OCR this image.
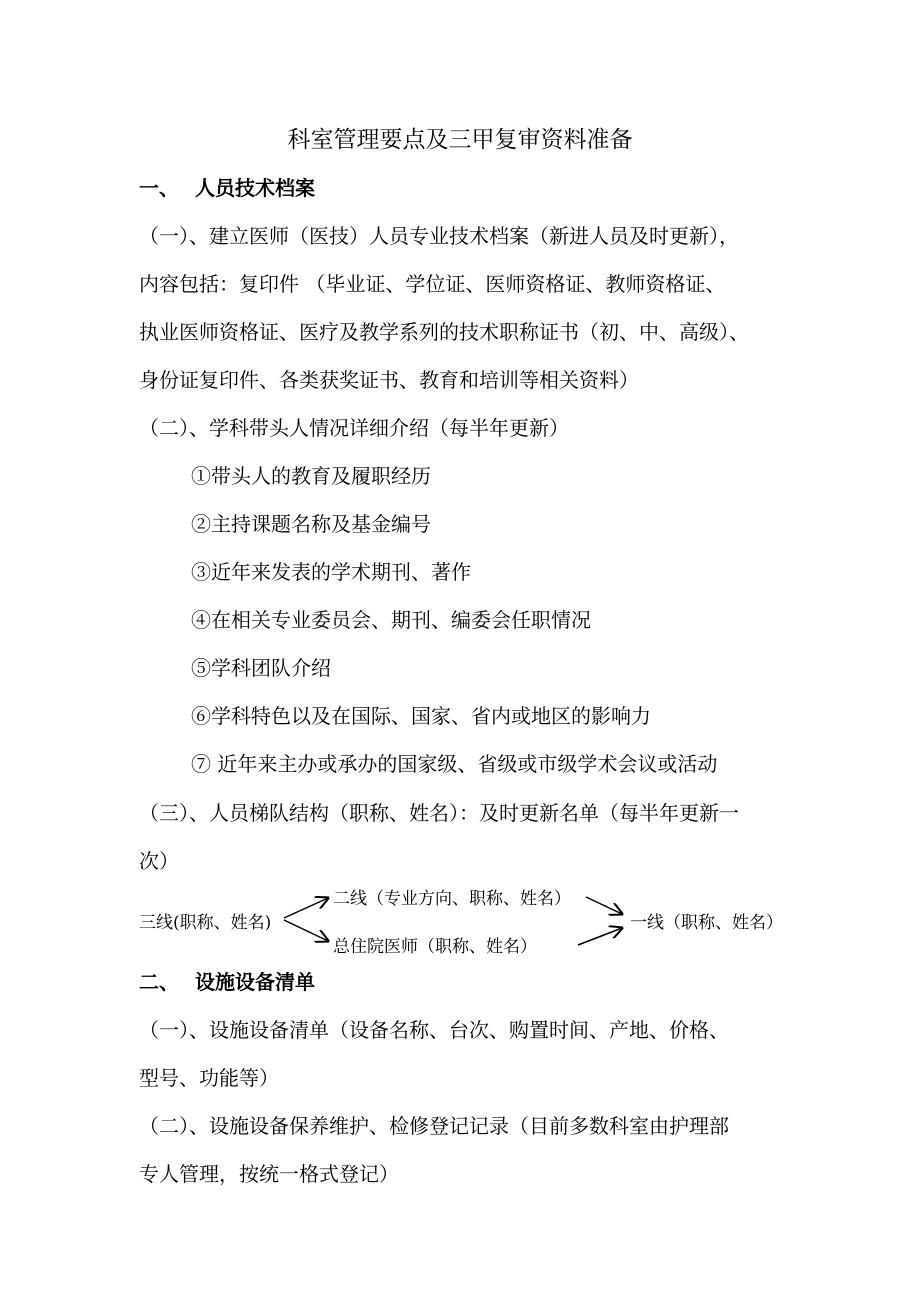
科室管理要点及三甲复审资料准备
一、 人员技术档案
（一）、建立医师（医技）人员专业技术档案（新进人员及时更新），
内容包括：复印件 （毕业证、学位证、医师资格证、教师资格证、
执业医师资格证、医疗及教学系列的技术职称证书（初、中、高级）、
身份证复印件、各类获奖证书、教育和培训等相关资料）
（二）、学科带头人情况详细介绍（每半年更新）
①带头人的教育及履职经历
②主持课题名称及基金编号
③近年来发表的学术期刊、著作
④在相关专业委员会、期刊、编委会任职情况
⑤学科团队介绍
⑥学科特色以及在国际、国家、省内或地区的影响力
⑦ 近年来主办或承办的国家级、省级或市级学术会议或活动
（三）、人员梯队结构（职称、姓名）：及时更新名单（每半年更新一
次）
三线(职称、姓名)
二线（专业方向、职称、姓名）
总住院医师（职称、姓名）
一线（职称、姓名）
二、 设施设备清单
（一）、设施设备清单（设备名称、台次、购置时间、产地、价格、
型号、功能等）
（二）、设施设备保养维护、检修登记记录（目前多数科室由护理部
专人管理，按统一格式登记）
